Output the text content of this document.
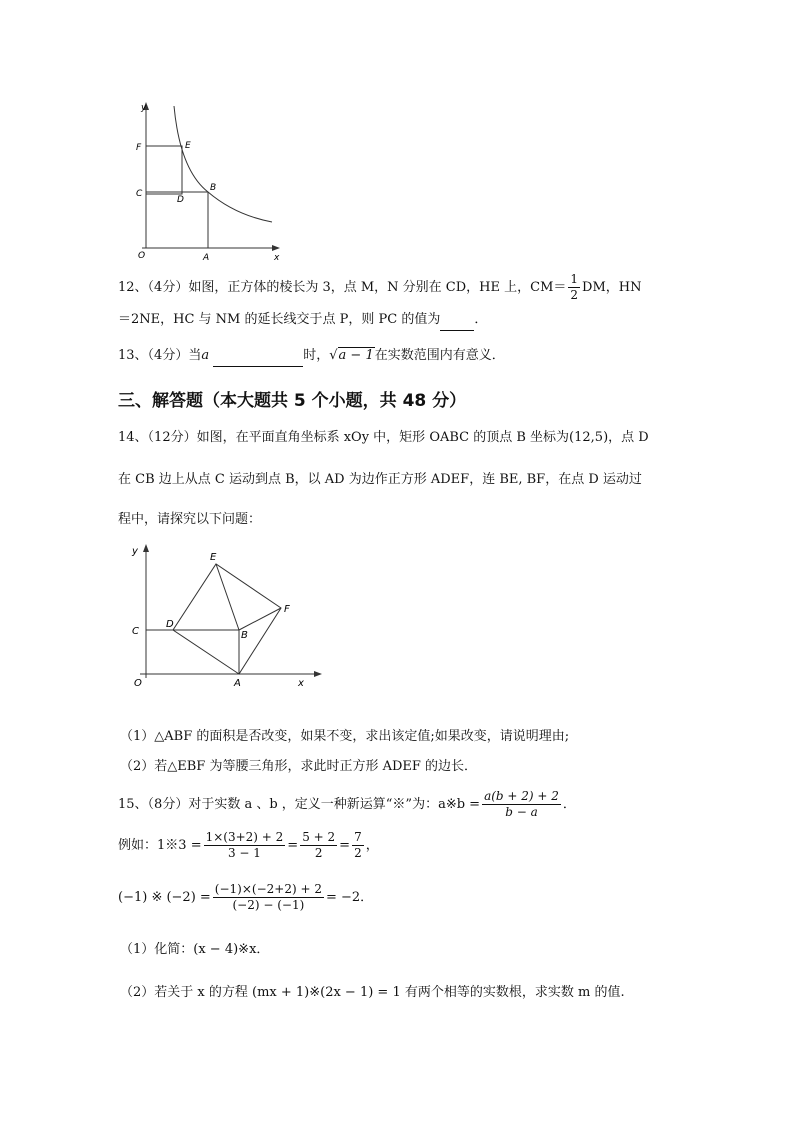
y
x
O
F	E
C
D
B
A
12、（4分）如图，正方体的棱长为 3，点 M，N 分别在 CD，HE 上，$CM= \frac{1}{2}$ DM，HN
＝2NE，HC 与 NM 的延长线交于点 P，则 PC 的值为	．
13、（4分）当a	时，√a − 1在实数范围内有意义．
三、解答题（本大题共 5 个小题，共 48 分）
14、（12分）如图，在平面直角坐标系 xOy 中，矩形 OABC 的顶点 B 坐标为(12,5)，点 D
在 CB 边上从点 C 运动到点 B，以 AD 为边作正方形 ADEF，连 BE, BF，在点 D 运动过
程中，请探究以下问题：
y
x
O
E
F
C
D
B
A
（1）△ABF 的面积是否改变，如果不变，求出该定值;如果改变，请说明理由;
（2）若△EBF 为等腰三角形，求此时正方形 ADEF 的边长．
15、（8分）对于实数 a 、b ，定义一种新运算“※”为：a※b = $\frac{a(b + 2) + 2}{b - a}$ ．
例如：1※3 = $\frac{1\times(3+2) + 2}{3 - 1} = \frac{5 + 2}{2} = \frac{7}{2}$ ，
(−1) ※ $(-2) = \frac{(-1)\times(-2+2) + 2}{(-2) - (-1)} = -2$．
（1）化简：(x − 4)※x．
（2）若关于 x 的方程 (mx + 1)※(2x − 1) = 1 有两个相等的实数根，求实数 m 的值.
